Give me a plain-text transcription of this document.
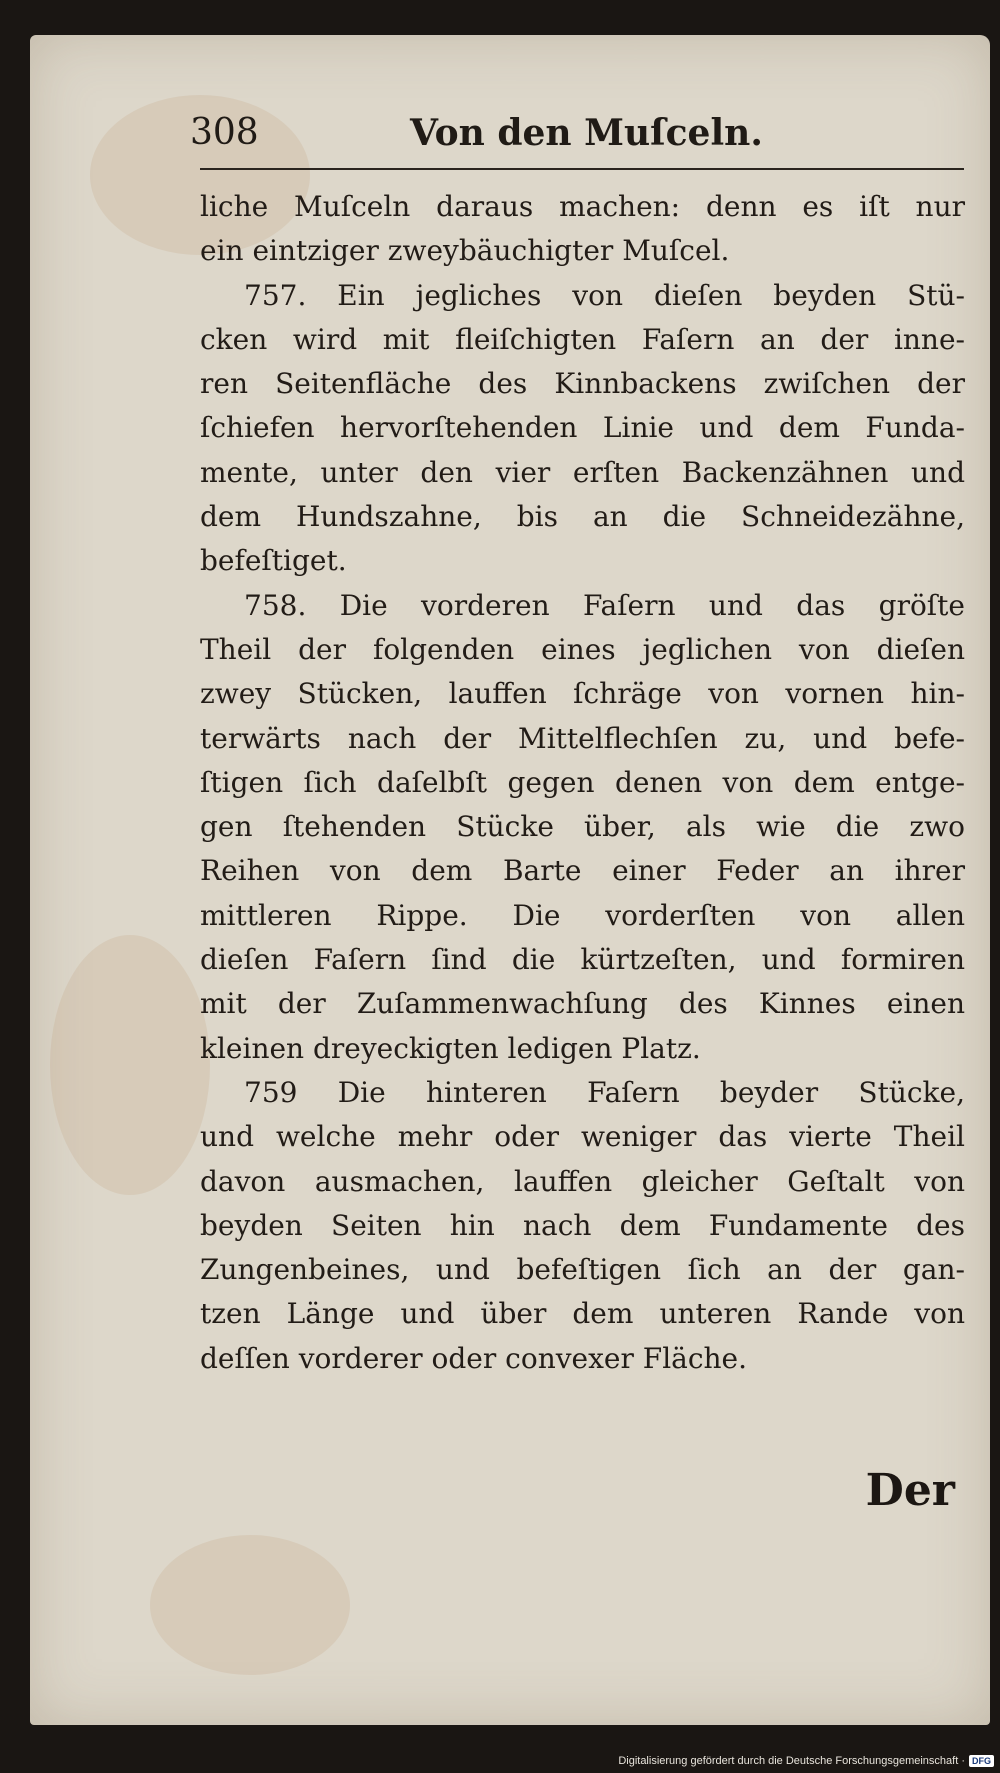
308	Von den Muſceln.
liche Muſceln daraus machen: denn es iſt nur
ein eintziger zweybäuchigter Muſcel.
757. Ein jegliches von dieſen beyden Stü-
cken wird mit fleiſchigten Faſern an der inne-
ren Seitenfläche des Kinnbackens zwiſchen der
ſchiefen hervorſtehenden Linie und dem Funda-
mente, unter den vier erſten Backenzähnen und
dem Hundszahne, bis an die Schneidezähne,
befeſtiget.
758. Die vorderen Faſern und das gröſte
Theil der folgenden eines jeglichen von dieſen
zwey Stücken, lauffen ſchräge von vornen hin-
terwärts nach der Mittelflechſen zu, und befe-
ſtigen ſich daſelbſt gegen denen von dem entge-
gen ſtehenden Stücke über, als wie die zwo
Reihen von dem Barte einer Feder an ihrer
mittleren Rippe. Die vorderſten von allen
dieſen Faſern ſind die kürtzeſten, und formiren
mit der Zuſammenwachſung des Kinnes einen
kleinen dreyeckigten ledigen Platz.
759 Die hinteren Faſern beyder Stücke,
und welche mehr oder weniger das vierte Theil
davon ausmachen, lauffen gleicher Geſtalt von
beyden Seiten hin nach dem Fundamente des
Zungenbeines, und befeſtigen ſich an der gan-
tzen Länge und über dem unteren Rande von
deſſen vorderer oder convexer Fläche.
Der
Digitalisierung gefördert durch die Deutsche Forschungsgemeinschaft · DFG
